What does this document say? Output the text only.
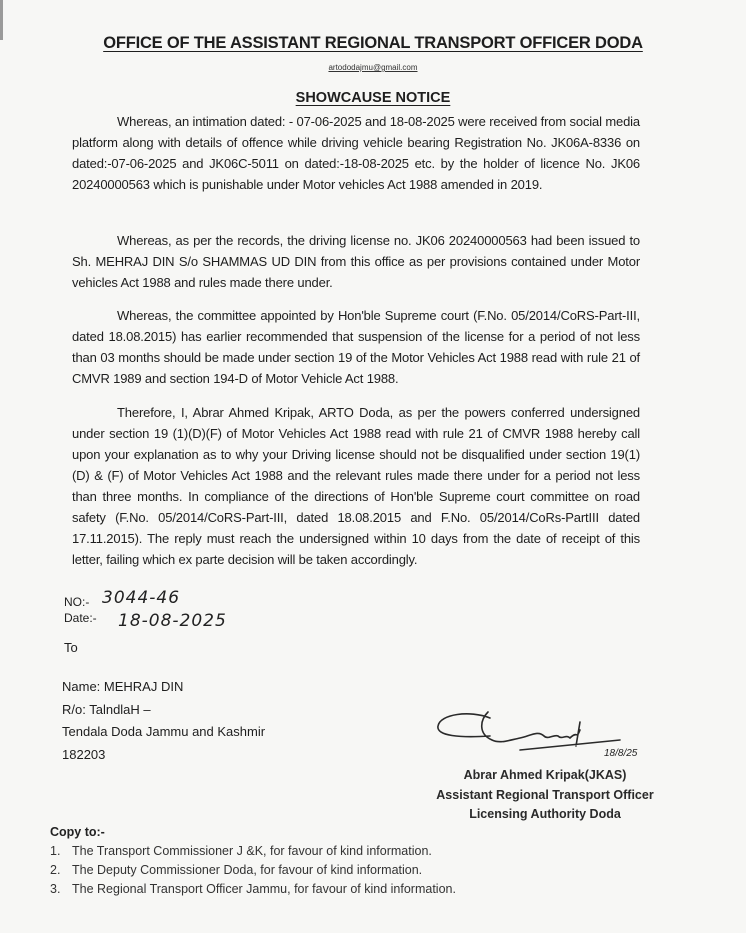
OFFICE OF THE ASSISTANT REGIONAL TRANSPORT OFFICER DODA
artododajmu@gmail.com
SHOWCAUSE NOTICE

Whereas, an intimation dated: - 07-06-2025 and 18-08-2025 were received from social media platform along with details of offence while driving vehicle bearing Registration No. JK06A-8336 on dated:-07-06-2025 and JK06C-5011 on dated:-18-08-2025 etc. by the holder of licence No. JK06 20240000563 which is punishable under Motor vehicles Act 1988 amended in 2019.

Whereas, as per the records, the driving license no. JK06 20240000563 had been issued to Sh. MEHRAJ DIN S/o SHAMMAS UD DIN from this office as per provisions contained under Motor vehicles Act 1988 and rules made there under.

Whereas, the committee appointed by Hon'ble Supreme court (F.No. 05/2014/CoRS-Part-III, dated 18.08.2015) has earlier recommended that suspension of the license for a period of not less than 03 months should be made under section 19 of the Motor Vehicles Act 1988 read with rule 21 of CMVR 1989 and section 194-D of Motor Vehicle Act 1988.

Therefore, I, Abrar Ahmed Kripak, ARTO Doda, as per the powers conferred undersigned under section 19 (1)(D)(F) of Motor Vehicles Act 1988 read with rule 21 of CMVR 1988 hereby call upon your explanation as to why your Driving license should not be disqualified under section 19(1)(D) & (F) of Motor Vehicles Act 1988 and the relevant rules made there under for a period not less than three months. In compliance of the directions of Hon'ble Supreme court committee on road safety (F.No. 05/2014/CoRS-Part-III, dated 18.08.2015 and F.No. 05/2014/CoRs-PartIII dated 17.11.2015). The reply must reach the undersigned within 10 days from the date of receipt of this letter, failing which ex parte decision will be taken accordingly.

NO:-
Date:-
3044-46
18-08-2025
To
Name: MEHRAJ DIN
R/o: TalndlaH –
Tendala Doda Jammu and Kashmir
182203	18/8/25
Abrar Ahmed Kripak(JKAS)
Assistant Regional Transport Officer
Licensing Authority Doda
Copy to:-
1. The Transport Commissioner J &K, for favour of kind information.
2. The Deputy Commissioner Doda, for favour of kind information.
3. The Regional Transport Officer Jammu, for favour of kind information.
